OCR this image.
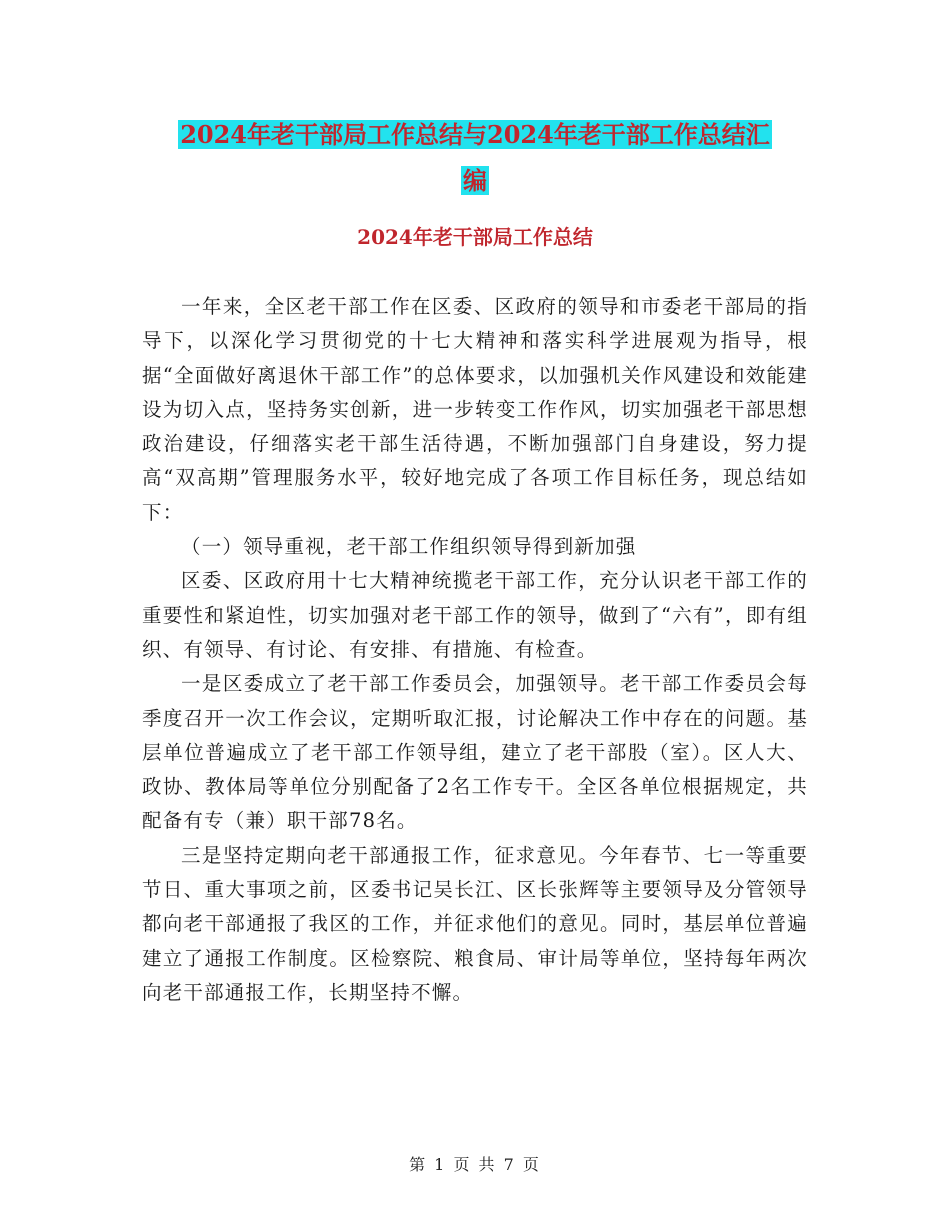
2024年老干部局工作总结与2024年老干部工作总结汇
编
2024年老干部局工作总结

一年来，全区老干部工作在区委、区政府的领导和市委老干部局的指导下，以深化学习贯彻党的十七大精神和落实科学进展观为指导，根据“全面做好离退休干部工作”的总体要求，以加强机关作风建设和效能建设为切入点，坚持务实创新，进一步转变工作作风，切实加强老干部思想政治建设，仔细落实老干部生活待遇，不断加强部门自身建设，努力提高“双高期”管理服务水平，较好地完成了各项工作目标任务，现总结如下：

（一）领导重视，老干部工作组织领导得到新加强

区委、区政府用十七大精神统揽老干部工作，充分认识老干部工作的重要性和紧迫性，切实加强对老干部工作的领导，做到了“六有”，即有组织、有领导、有讨论、有安排、有措施、有检查。

一是区委成立了老干部工作委员会，加强领导。老干部工作委员会每季度召开一次工作会议，定期听取汇报，讨论解决工作中存在的问题。基层单位普遍成立了老干部工作领导组，建立了老干部股（室）。区人大、政协、教体局等单位分别配备了2名工作专干。全区各单位根据规定，共配备有专（兼）职干部78名。

三是坚持定期向老干部通报工作，征求意见。今年春节、七一等重要节日、重大事项之前，区委书记吴长江、区长张辉等主要领导及分管领导都向老干部通报了我区的工作，并征求他们的意见。同时，基层单位普遍建立了通报工作制度。区检察院、粮食局、审计局等单位，坚持每年两次向老干部通报工作，长期坚持不懈。

第 1 页 共 7 页
